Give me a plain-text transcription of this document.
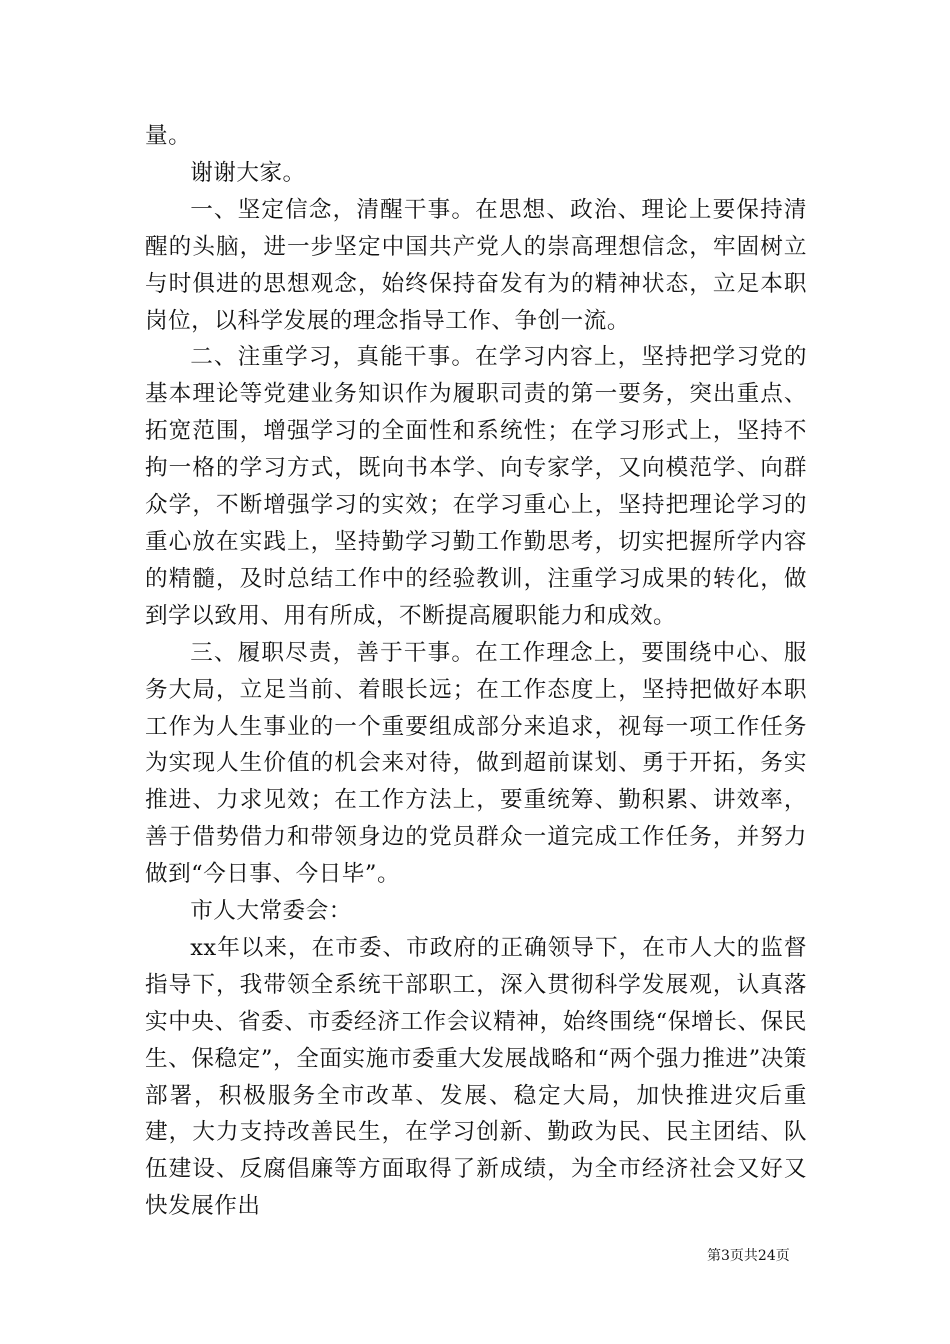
量。

谢谢大家。

一、坚定信念，清醒干事。在思想、政治、理论上要保持清醒的头脑，进一步坚定中国共产党人的崇高理想信念，牢固树立与时俱进的思想观念，始终保持奋发有为的精神状态，立足本职岗位，以科学发展的理念指导工作、争创一流。

二、注重学习，真能干事。在学习内容上，坚持把学习党的基本理论等党建业务知识作为履职司责的第一要务，突出重点、拓宽范围，增强学习的全面性和系统性；在学习形式上，坚持不拘一格的学习方式，既向书本学、向专家学，又向模范学、向群众学，不断增强学习的实效；在学习重心上，坚持把理论学习的重心放在实践上，坚持勤学习勤工作勤思考，切实把握所学内容的精髓，及时总结工作中的经验教训，注重学习成果的转化，做到学以致用、用有所成，不断提高履职能力和成效。

三、履职尽责，善于干事。在工作理念上，要围绕中心、服务大局，立足当前、着眼长远；在工作态度上，坚持把做好本职工作为人生事业的一个重要组成部分来追求，视每一项工作任务为实现人生价值的机会来对待，做到超前谋划、勇于开拓，务实推进、力求见效；在工作方法上，要重统筹、勤积累、讲效率，善于借势借力和带领身边的党员群众一道完成工作任务，并努力做到“今日事、今日毕”。

市人大常委会：

xx年以来，在市委、市政府的正确领导下，在市人大的监督指导下，我带领全系统干部职工，深入贯彻科学发展观，认真落实中央、省委、市委经济工作会议精神，始终围绕“保增长、保民生、保稳定”，全面实施市委重大发展战略和“两个强力推进”决策部署，积极服务全市改革、发展、稳定大局，加快推进灾后重建，大力支持改善民生，在学习创新、勤政为民、民主团结、队伍建设、反腐倡廉等方面取得了新成绩，为全市经济社会又好又快发展作出

第3页共24页
